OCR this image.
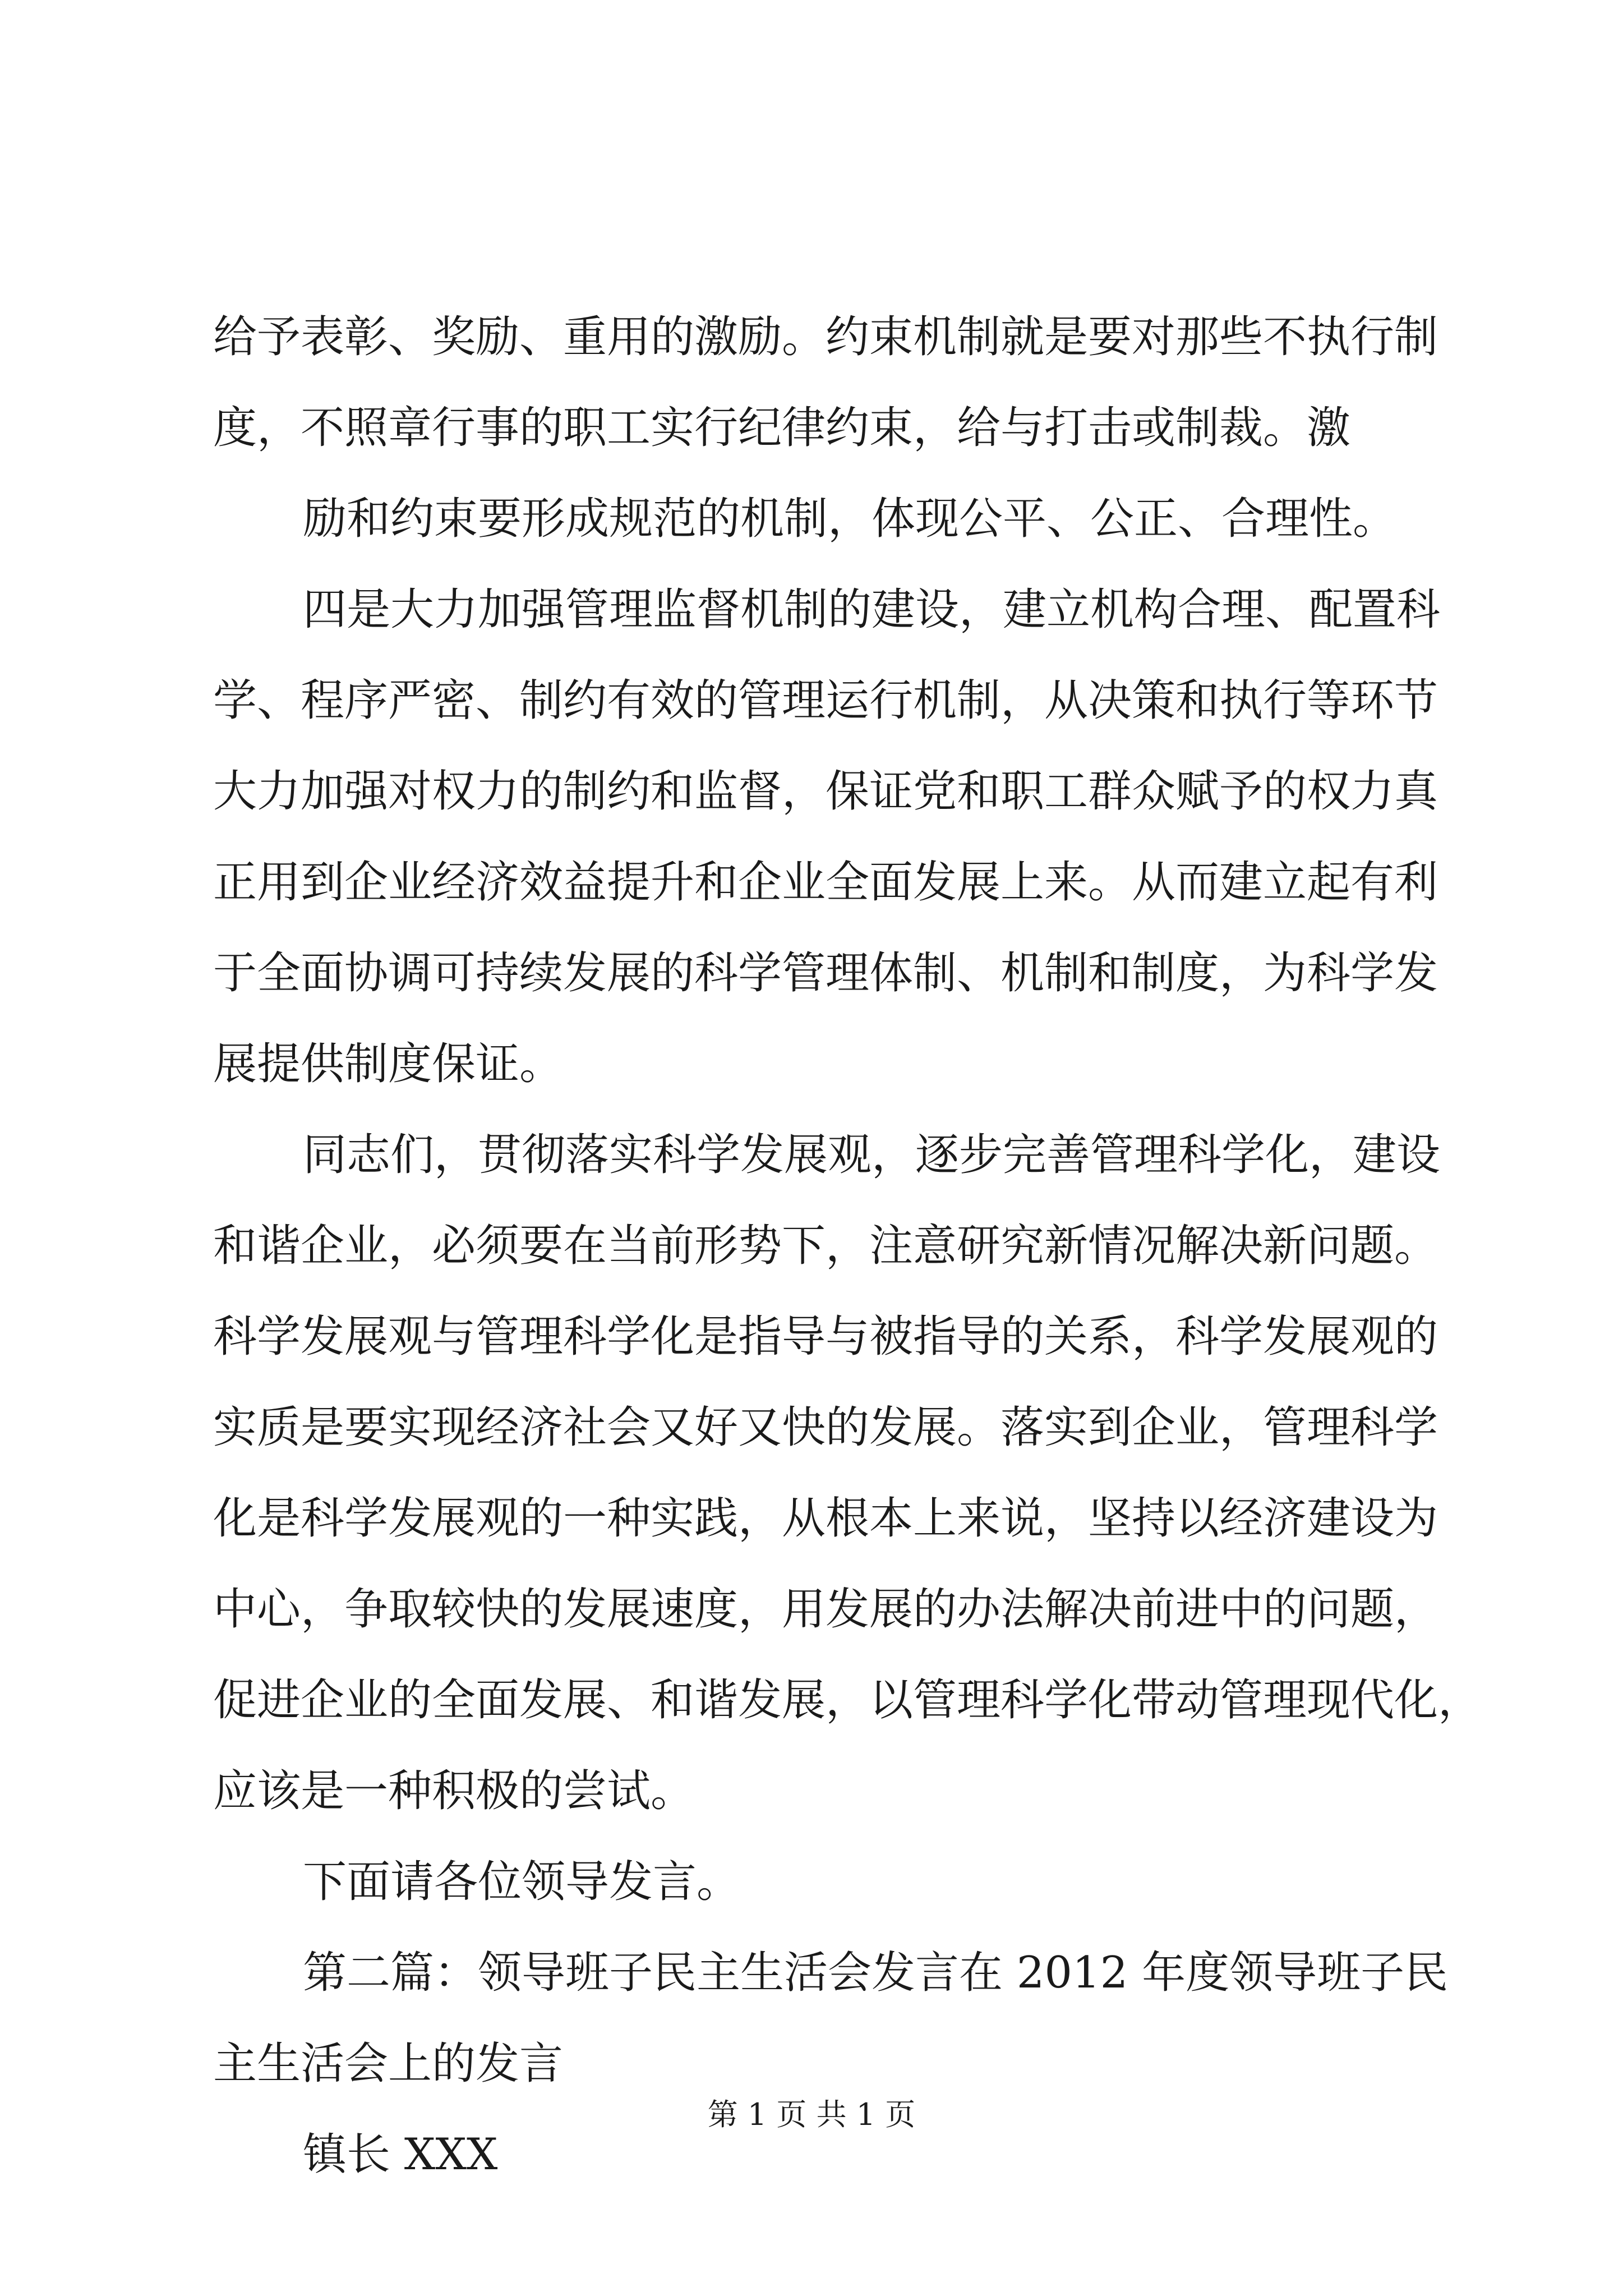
给予表彰、奖励、重用的激励。约束机制就是要对那些不执行制
度，不照章行事的职工实行纪律约束，给与打击或制裁。激
励和约束要形成规范的机制，体现公平、公正、合理性。
四是大力加强管理监督机制的建设，建立机构合理、配置科
学、程序严密、制约有效的管理运行机制，从决策和执行等环节
大力加强对权力的制约和监督，保证党和职工群众赋予的权力真
正用到企业经济效益提升和企业全面发展上来。从而建立起有利
于全面协调可持续发展的科学管理体制、机制和制度，为科学发
展提供制度保证。
同志们，贯彻落实科学发展观，逐步完善管理科学化，建设
和谐企业，必须要在当前形势下，注意研究新情况解决新问题。
科学发展观与管理科学化是指导与被指导的关系，科学发展观的
实质是要实现经济社会又好又快的发展。落实到企业，管理科学
化是科学发展观的一种实践，从根本上来说，坚持以经济建设为
中心，争取较快的发展速度，用发展的办法解决前进中的问题，
促进企业的全面发展、和谐发展，以管理科学化带动管理现代化，
应该是一种积极的尝试。
下面请各位领导发言。
第二篇：领导班子民主生活会发言在 2012 年度领导班子民
主生活会上的发言
镇长 XXX
第 1 页 共 1 页
